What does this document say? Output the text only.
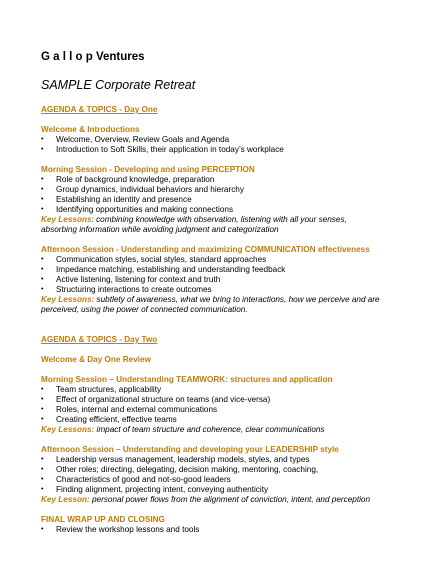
G a l l o p Ventures
SAMPLE Corporate Retreat
AGENDA & TOPICS - Day One
Welcome & Introductions
•	Welcome, Overview, Review Goals and Agenda
•	Introduction to Soft Skills, their application in today’s workplace
Morning Session - Developing and using PERCEPTION
•	Role of background knowledge, preparation
•	Group dynamics, individual behaviors and hierarchy
•	Establishing an identity and presence
•	Identifying opportunities and making connections
Key Lessons: combining knowledge with observation, listening with all your senses,
absorbing information while avoiding judgment and categorization
Afternoon Session - Understanding and maximizing COMMUNICATION effectiveness
•	Communication styles, social styles, standard approaches
•	Impedance matching, establishing and understanding feedback
•	Active listening, listening for context and truth
•	Structuring interactions to create outcomes
Key Lessons: subtlety of awareness, what we bring to interactions, how we perceive and are
perceived, using the power of connected communication.
AGENDA & TOPICS - Day Two
Welcome & Day One Review
Morning Session – Understanding TEAMWORK: structures and application
•	Team structures, applicability
•	Effect of organizational structure on teams (and vice-versa)
•	Roles, internal and external communications
•	Creating efficient, effective teams
Key Lessons: impact of team structure and coherence, clear communications
Afternoon Session – Understanding and developing your LEADERSHIP style
•	Leadership versus management, leadership models, styles, and types
•	Other roles; directing, delegating, decision making, mentoring, coaching,
•	Characteristics of good and not-so-good leaders
•	Finding alignment, projecting intent, conveying authenticity
Key Lesson: personal power flows from the alignment of conviction, intent, and perception
FINAL WRAP UP AND CLOSING
•	Review the workshop lessons and tools
